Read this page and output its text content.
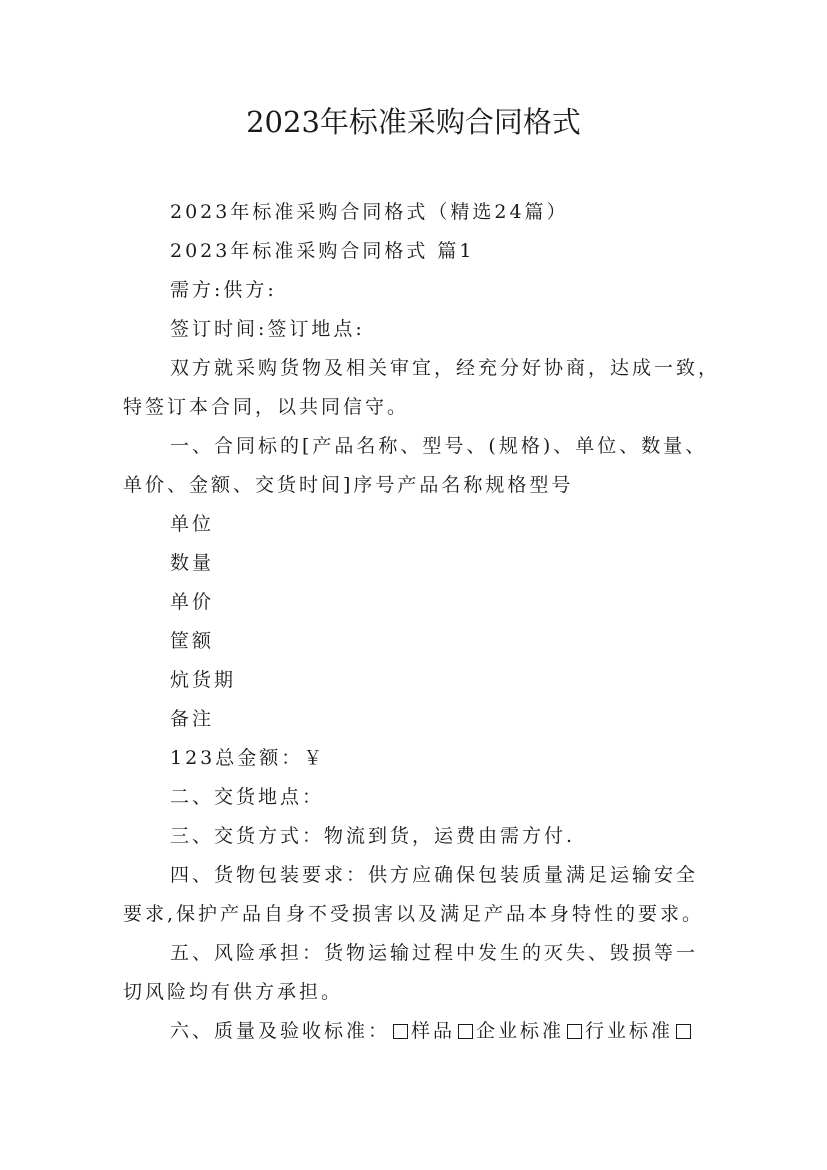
2023年标准采购合同格式
2023年标准采购合同格式（精选24篇）
2023年标准采购合同格式 篇1
需方:供方:
签订时间:签订地点:
双方就采购货物及相关审宜，经充分好协商，达成一致，
特签订本合同，以共同信守。
一、合同标的[产品名称、型号、(规格)、单位、数量、
单价、金额、交货时间]序号产品名称规格型号
单位
数量
单价
筐额
炕货期
备注
123总金额：￥
二、交货地点：
三、交货方式：物流到货，运费由需方付.
四、货物包装要求：供方应确保包装质量满足运输安全
要求,保护产品自身不受损害以及满足产品本身特性的要求。
五、风险承担：货物运输过程中发生的灭失、毁损等一
切风险均有供方承担。
六、质量及验收标准： 样品 企业标准 行业标准
